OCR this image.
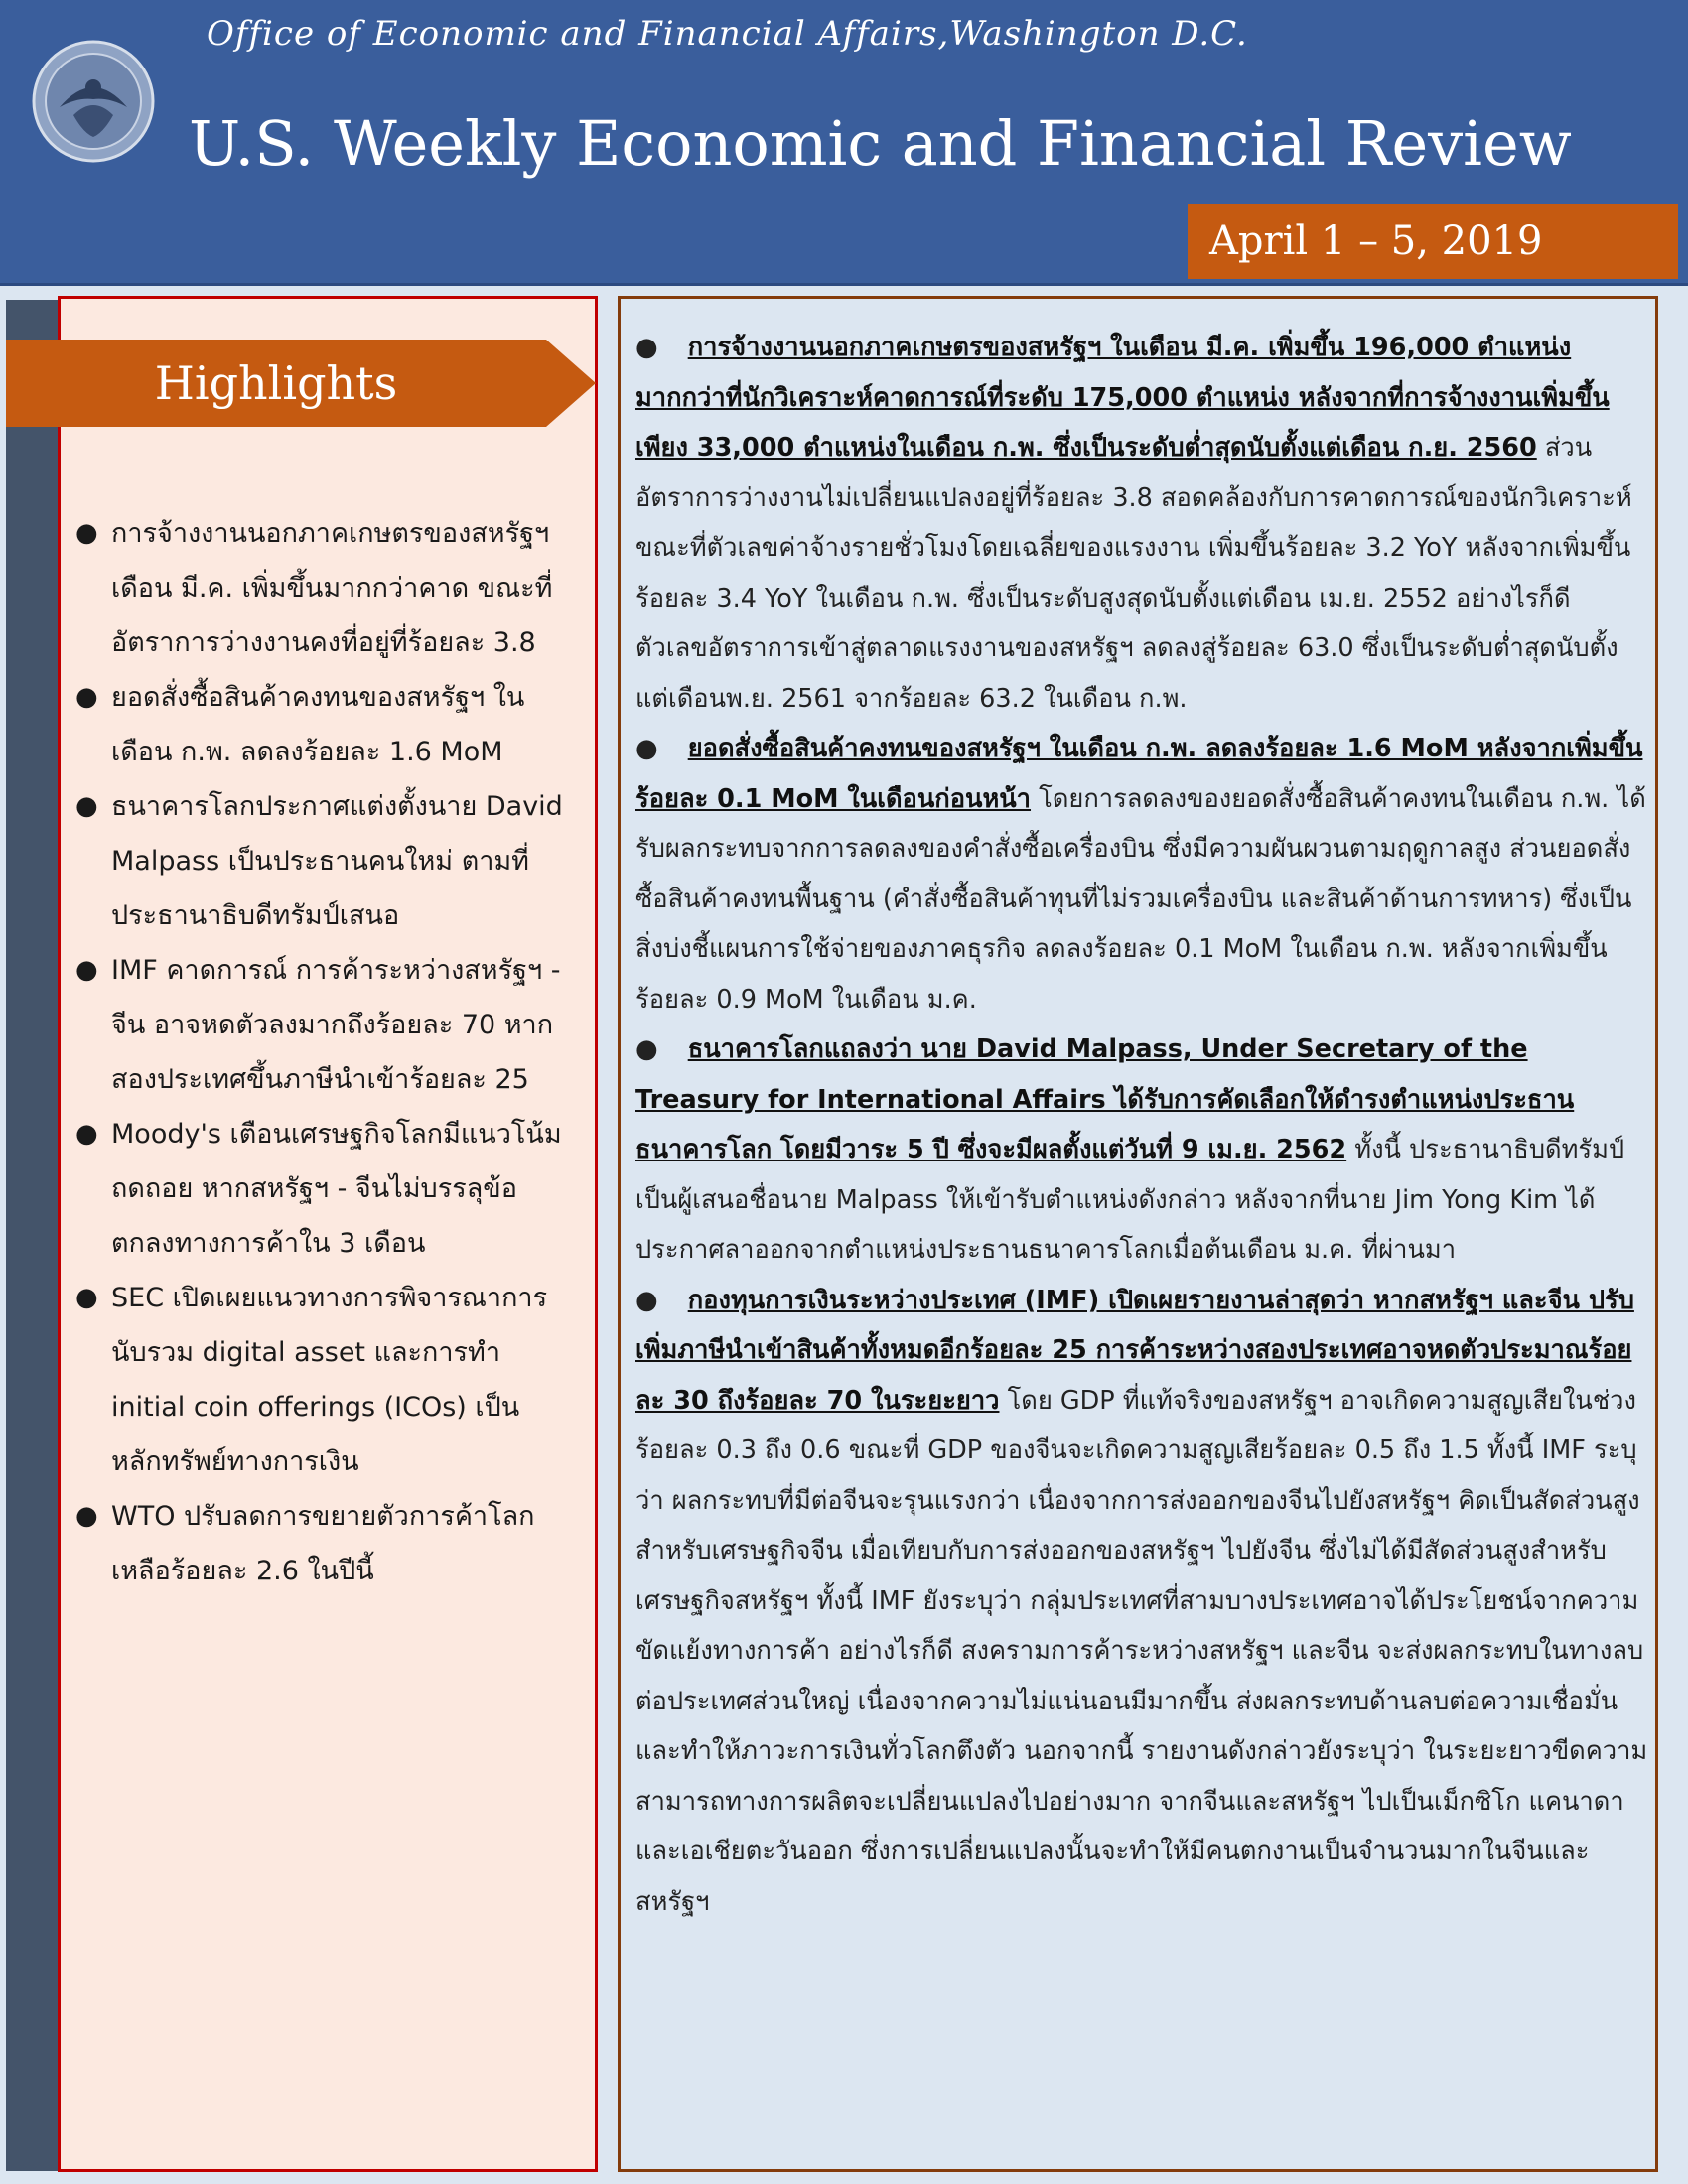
Office of Economic and Financial Affairs,Washington D.C.
U.S. Weekly Economic and Financial Review
April 1 – 5, 2019
Highlights
● การจ้างงานนอกภาคเกษตรของสหรัฐฯ เดือน มี.ค. เพิ่มขึ้นมากกว่าคาด ขณะที่อัตราการว่างงานคงที่อยู่ที่ร้อยละ 3.8
● ยอดสั่งซื้อสินค้าคงทนของสหรัฐฯ ในเดือน ก.พ. ลดลงร้อยละ 1.6 MoM
● ธนาคารโลกประกาศแต่งตั้งนาย David Malpass เป็นประธานคนใหม่ ตามที่ประธานาธิบดีทรัมป์เสนอ
● IMF คาดการณ์ การค้าระหว่างสหรัฐฯ - จีน อาจหดตัวลงมากถึงร้อยละ 70 หากสองประเทศขึ้นภาษีนำเข้าร้อยละ 25
● Moody's เตือนเศรษฐกิจโลกมีแนวโน้มถดถอย หากสหรัฐฯ - จีนไม่บรรลุข้อตกลงทางการค้าใน 3 เดือน
● SEC เปิดเผยแนวทางการพิจารณาการนับรวม digital asset และการทำ initial coin offerings (ICOs) เป็นหลักทรัพย์ทางการเงิน
● WTO ปรับลดการขยายตัวการค้าโลกเหลือร้อยละ 2.6 ในปีนี้

● การจ้างงานนอกภาคเกษตรของสหรัฐฯ ในเดือน มี.ค. เพิ่มขึ้น 196,000 ตำแหน่ง มากกว่าที่นักวิเคราะห์คาดการณ์ที่ระดับ 175,000 ตำแหน่ง หลังจากที่การจ้างงานเพิ่มขึ้นเพียง 33,000 ตำแหน่งในเดือน ก.พ. ซึ่งเป็นระดับต่ำสุดนับตั้งแต่เดือน ก.ย. 2560 ส่วนอัตราการว่างงานไม่เปลี่ยนแปลงอยู่ที่ร้อยละ 3.8 สอดคล้องกับการคาดการณ์ของนักวิเคราะห์ ขณะที่ตัวเลขค่าจ้างรายชั่วโมงโดยเฉลี่ยของแรงงาน เพิ่มขึ้นร้อยละ 3.2 YoY หลังจากเพิ่มขึ้นร้อยละ 3.4 YoY ในเดือน ก.พ. ซึ่งเป็นระดับสูงสุดนับตั้งแต่เดือน เม.ย. 2552 อย่างไรก็ดี ตัวเลขอัตราการเข้าสู่ตลาดแรงงานของสหรัฐฯ ลดลงสู่ร้อยละ 63.0 ซึ่งเป็นระดับต่ำสุดนับตั้งแต่เดือนพ.ย. 2561 จากร้อยละ 63.2 ในเดือน ก.พ.

● ยอดสั่งซื้อสินค้าคงทนของสหรัฐฯ ในเดือน ก.พ. ลดลงร้อยละ 1.6 MoM หลังจากเพิ่มขึ้นร้อยละ 0.1 MoM ในเดือนก่อนหน้า โดยการลดลงของยอดสั่งซื้อสินค้าคงทนในเดือน ก.พ. ได้รับผลกระทบจากการลดลงของคำสั่งซื้อเครื่องบิน ซึ่งมีความผันผวนตามฤดูกาลสูง ส่วนยอดสั่งซื้อสินค้าคงทนพื้นฐาน (คำสั่งซื้อสินค้าทุนที่ไม่รวมเครื่องบิน และสินค้าด้านการทหาร) ซึ่งเป็นสิ่งบ่งชี้แผนการใช้จ่ายของภาคธุรกิจ ลดลงร้อยละ 0.1 MoM ในเดือน ก.พ. หลังจากเพิ่มขึ้นร้อยละ 0.9 MoM ในเดือน ม.ค.

● ธนาคารโลกแถลงว่า นาย David Malpass, Under Secretary of the Treasury for International Affairs ได้รับการคัดเลือกให้ดำรงตำแหน่งประธานธนาคารโลก โดยมีวาระ 5 ปี ซึ่งจะมีผลตั้งแต่วันที่ 9 เม.ย. 2562 ทั้งนี้ ประธานาธิบดีทรัมป์ เป็นผู้เสนอชื่อนาย Malpass ให้เข้ารับตำแหน่งดังกล่าว หลังจากที่นาย Jim Yong Kim ได้ประกาศลาออกจากตำแหน่งประธานธนาคารโลกเมื่อต้นเดือน ม.ค. ที่ผ่านมา

● กองทุนการเงินระหว่างประเทศ (IMF) เปิดเผยรายงานล่าสุดว่า หากสหรัฐฯ และจีน ปรับเพิ่มภาษีนำเข้าสินค้าทั้งหมดอีกร้อยละ 25 การค้าระหว่างสองประเทศอาจหดตัวประมาณร้อยละ 30 ถึงร้อยละ 70 ในระยะยาว โดย GDP ที่แท้จริงของสหรัฐฯ อาจเกิดความสูญเสียในช่วงร้อยละ 0.3 ถึง 0.6 ขณะที่ GDP ของจีนจะเกิดความสูญเสียร้อยละ 0.5 ถึง 1.5 ทั้งนี้ IMF ระบุว่า ผลกระทบที่มีต่อจีนจะรุนแรงกว่า เนื่องจากการส่งออกของจีนไปยังสหรัฐฯ คิดเป็นสัดส่วนสูงสำหรับเศรษฐกิจจีน เมื่อเทียบกับการส่งออกของสหรัฐฯ ไปยังจีน ซึ่งไม่ได้มีสัดส่วนสูงสำหรับเศรษฐกิจสหรัฐฯ ทั้งนี้ IMF ยังระบุว่า กลุ่มประเทศที่สามบางประเทศอาจได้ประโยชน์จากความขัดแย้งทางการค้า อย่างไรก็ดี สงครามการค้าระหว่างสหรัฐฯ และจีน จะส่งผลกระทบในทางลบต่อประเทศส่วนใหญ่ เนื่องจากความไม่แน่นอนมีมากขึ้น ส่งผลกระทบด้านลบต่อความเชื่อมั่น และทำให้ภาวะการเงินทั่วโลกตึงตัว นอกจากนี้ รายงานดังกล่าวยังระบุว่า ในระยะยาวขีดความสามารถทางการผลิตจะเปลี่ยนแปลงไปอย่างมาก จากจีนและสหรัฐฯ ไปเป็นเม็กซิโก แคนาดา และเอเชียตะวันออก ซึ่งการเปลี่ยนแปลงนั้นจะทำให้มีคนตกงานเป็นจำนวนมากในจีนและสหรัฐฯ
